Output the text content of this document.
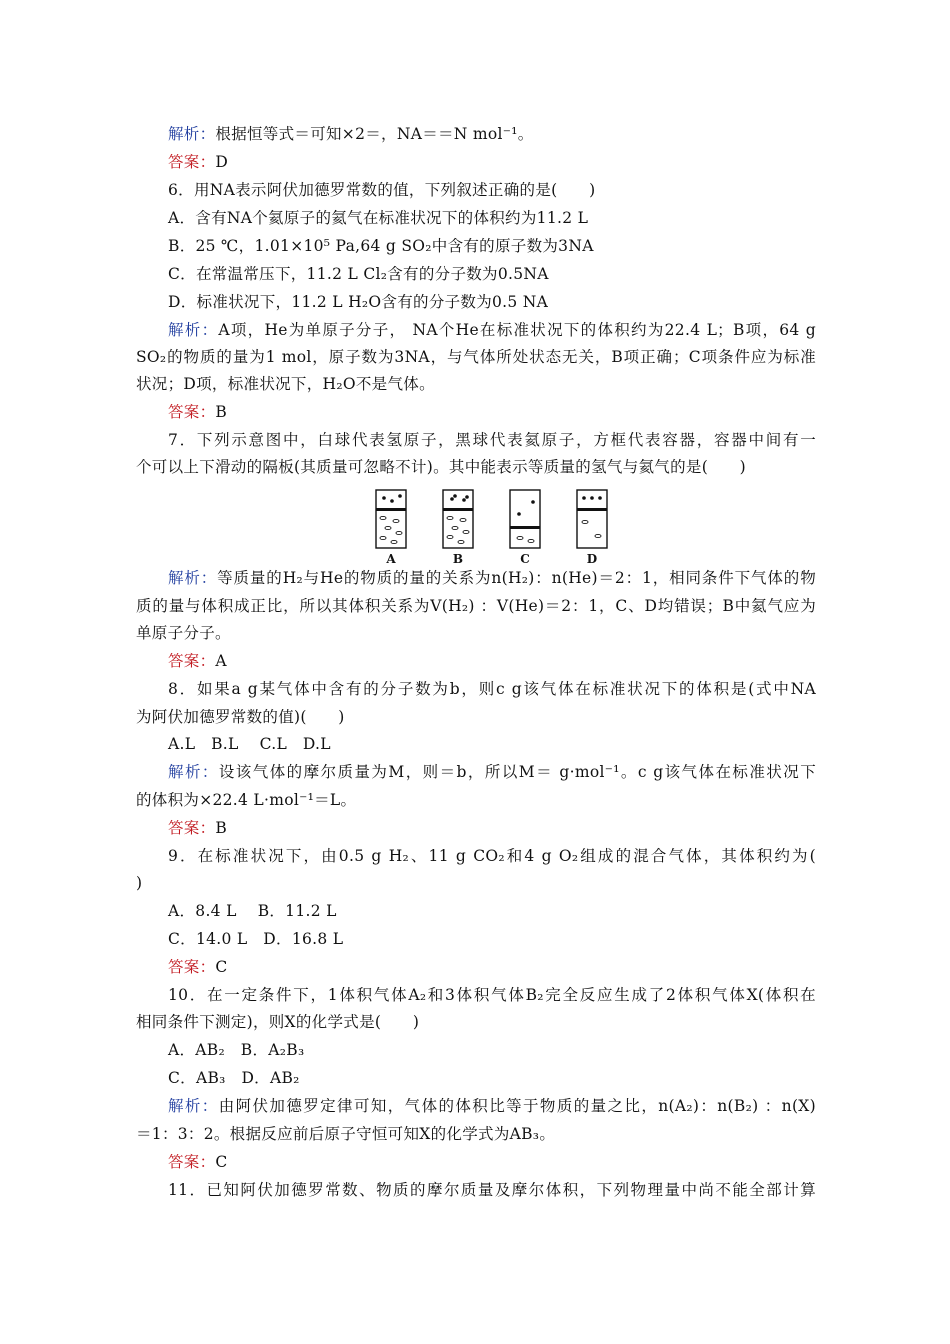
解析：根据恒等式＝可知×2＝，NA＝＝N mol⁻¹。
答案：D
6．用NA表示阿伏加德罗常数的值，下列叙述正确的是(　　)
A．含有NA个氦原子的氦气在标准状况下的体积约为11.2 L
B．25 ℃，1.01×10⁵ Pa,64 g SO₂中含有的原子数为3NA
C．在常温常压下，11.2 L Cl₂含有的分子数为0.5NA
D．标准状况下，11.2 L H₂O含有的分子数为0.5 NA
解析：A项，He为单原子分子， NA个He在标准状况下的体积约为22.4 L；B项，64 g
SO₂的物质的量为1 mol，原子数为3NA，与气体所处状态无关，B项正确；C项条件应为标准
状况；D项，标准状况下，H₂O不是气体。
答案：B
7．下列示意图中，白球代表氢原子，黑球代表氦原子，方框代表容器，容器中间有一
个可以上下滑动的隔板(其质量可忽略不计)。其中能表示等质量的氢气与氦气的是(　　)
A	B	C	D
解析：等质量的H₂与He的物质的量的关系为n(H₂)：n(He)＝2：1，相同条件下气体的物
质的量与体积成正比，所以其体积关系为V(H₂) ：V(He)＝2：1，C、D均错误；B中氦气应为
单原子分子。
答案：A
8．如果a g某气体中含有的分子数为b，则c g该气体在标准状况下的体积是(式中NA
为阿伏加德罗常数的值)(　　)
A.L　B.L　 C.L　D.L
解析：设该气体的摩尔质量为M，则＝b，所以M＝ g·mol⁻¹。c g该气体在标准状况下
的体积为×22.4 L·mol⁻¹＝L。
答案：B
9．在标准状况下，由0.5 g H₂、11 g CO₂和4 g O₂组成的混合气体，其体积约为(
)
A．8.4 L　 B．11.2 L
C．14.0 L　D．16.8 L
答案：C
10．在一定条件下，1体积气体A₂和3体积气体B₂完全反应生成了2体积气体X(体积在
相同条件下测定)，则X的化学式是(　　)
A．AB₂　B．A₂B₃
C．AB₃　D．AB₂
解析：由阿伏加德罗定律可知，气体的体积比等于物质的量之比，n(A₂)：n(B₂) ：n(X)
＝1：3：2。根据反应前后原子守恒可知X的化学式为AB₃。
答案：C
11．已知阿伏加德罗常数、物质的摩尔质量及摩尔体积，下列物理量中尚不能全部计算
